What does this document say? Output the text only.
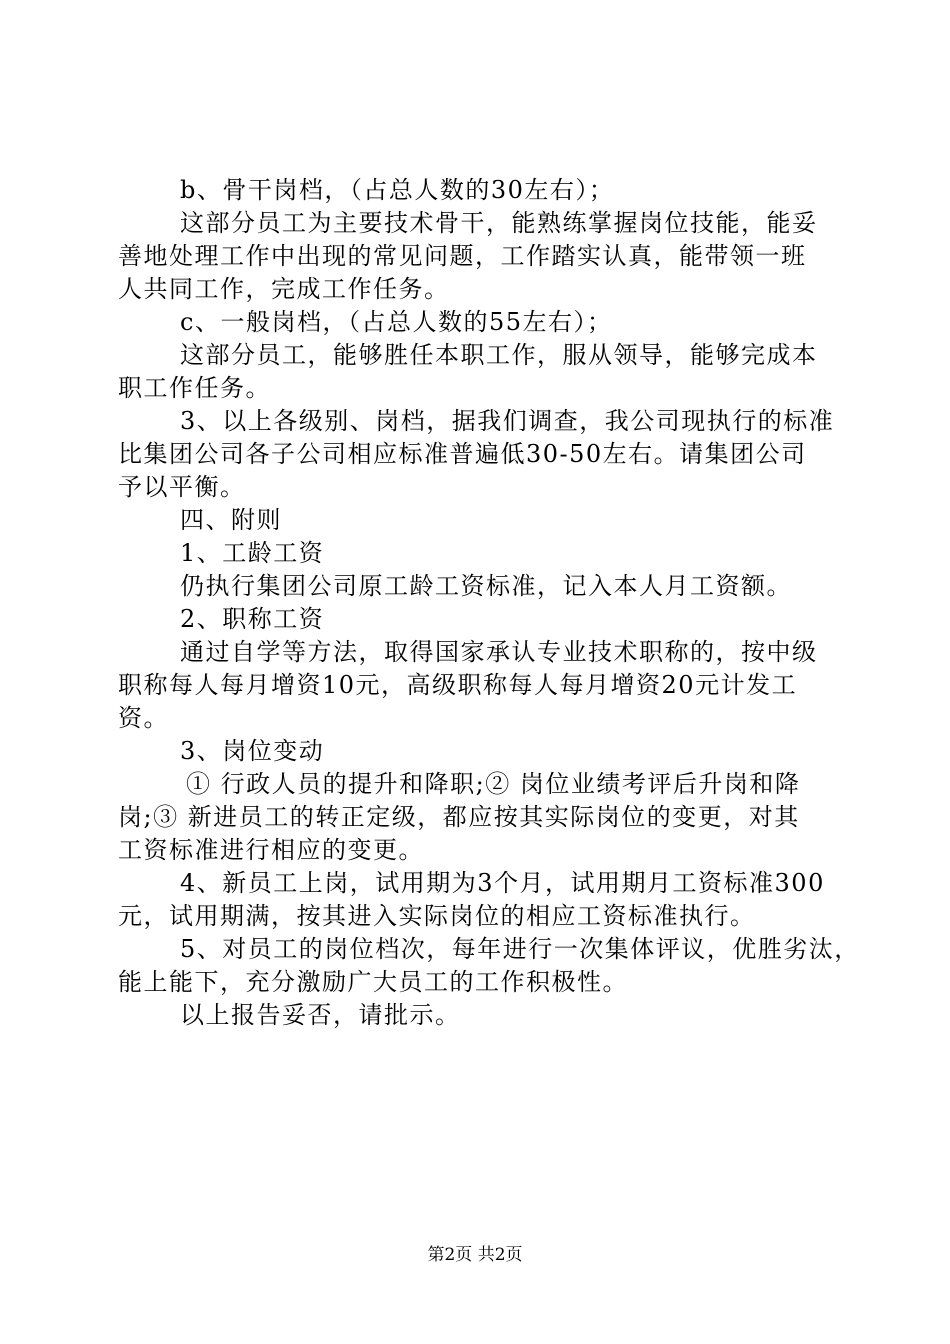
b、骨干岗档，（占总人数的30左右）；
这部分员工为主要技术骨干，能熟练掌握岗位技能，能妥
善地处理工作中出现的常见问题，工作踏实认真，能带领一班
人共同工作，完成工作任务。
c、一般岗档，（占总人数的55左右）；
这部分员工，能够胜任本职工作，服从领导，能够完成本
职工作任务。
3、以上各级别、岗档，据我们调查，我公司现执行的标准
比集团公司各子公司相应标准普遍低30-50左右。请集团公司
予以平衡。
四、附则
1、工龄工资
仍执行集团公司原工龄工资标准，记入本人月工资额。
2、职称工资
通过自学等方法，取得国家承认专业技术职称的，按中级
职称每人每月增资10元，高级职称每人每月增资20元计发工
资。
3、岗位变动
① 行政人员的提升和降职;② 岗位业绩考评后升岗和降
岗;③ 新进员工的转正定级，都应按其实际岗位的变更，对其
工资标准进行相应的变更。
4、新员工上岗，试用期为3个月，试用期月工资标准300
元，试用期满，按其进入实际岗位的相应工资标准执行。
5、对员工的岗位档次，每年进行一次集体评议，优胜劣汰，
能上能下，充分激励广大员工的工作积极性。
以上报告妥否，请批示。
第2页 共2页
